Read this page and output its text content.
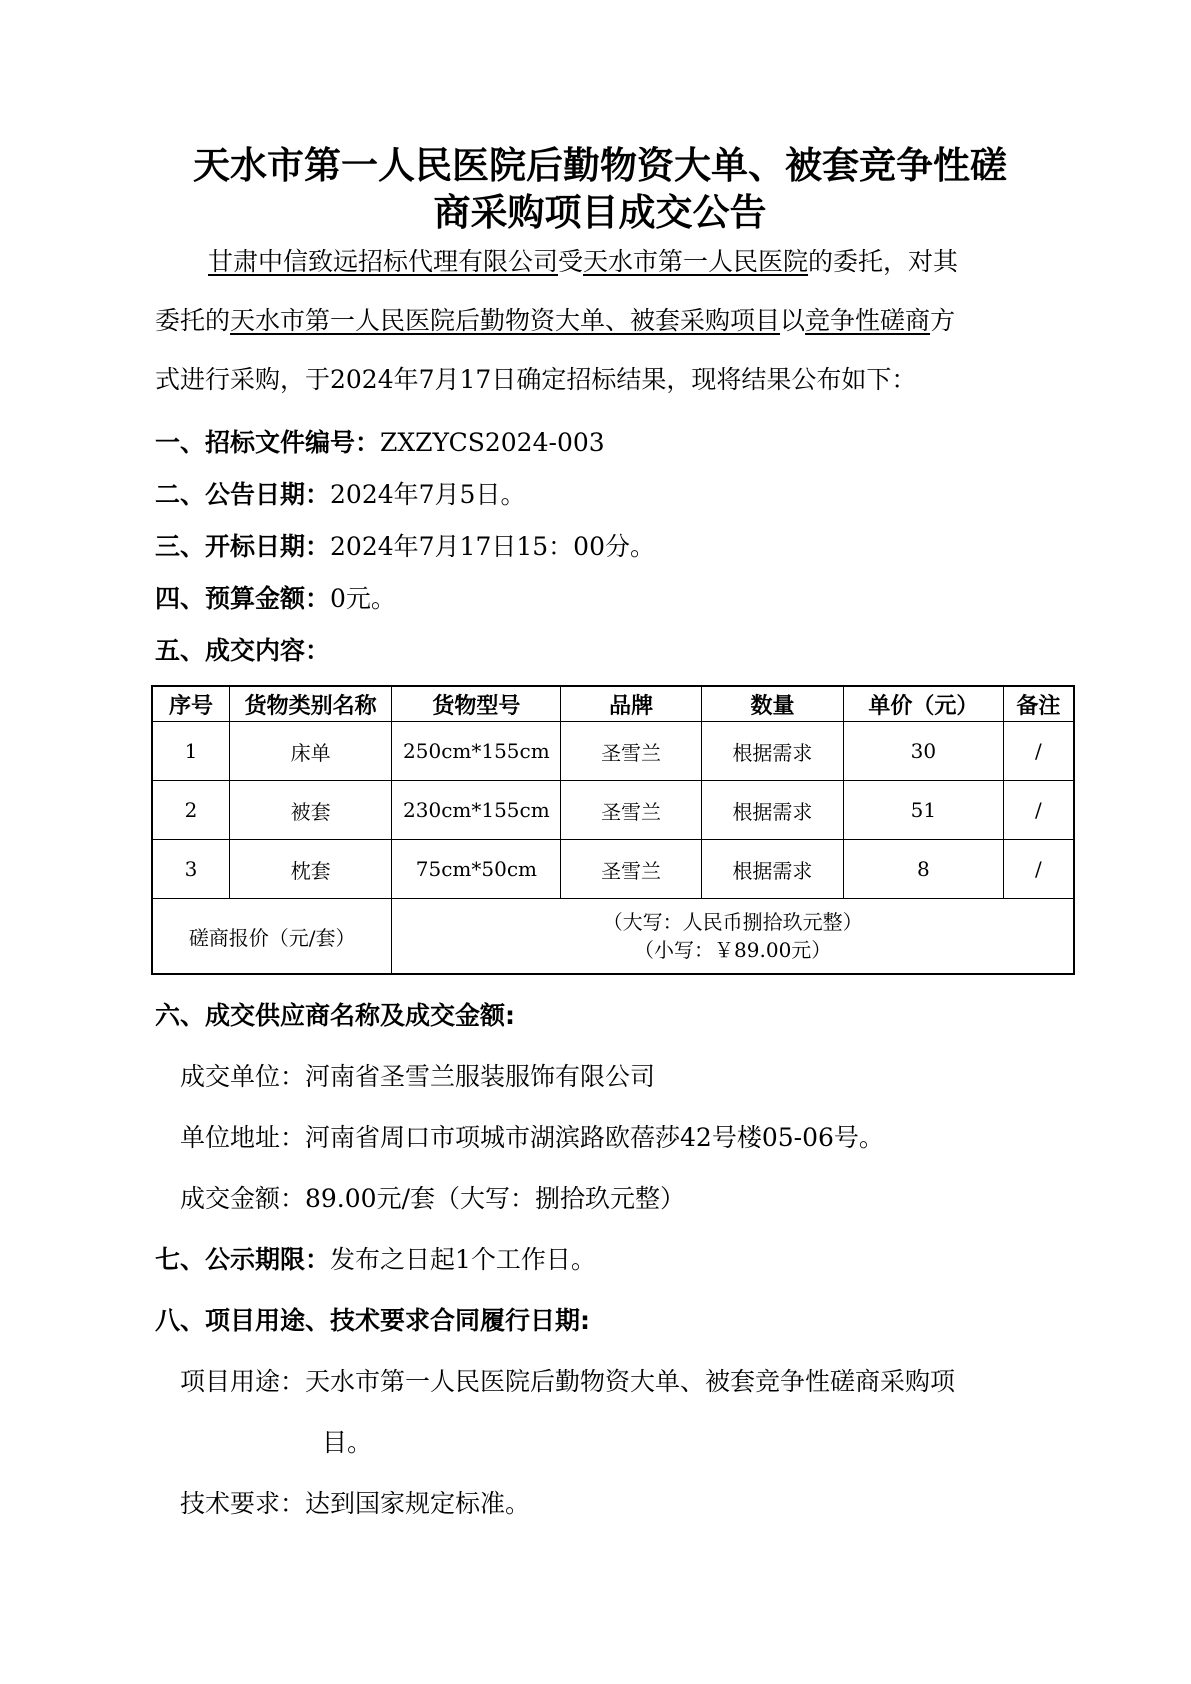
天水市第一人民医院后勤物资大单、被套竞争性磋
商采购项目成交公告
甘肃中信致远招标代理有限公司受天水市第一人民医院的委托，对其
委托的天水市第一人民医院后勤物资大单、被套采购项目以竞争性磋商方
式进行采购，于2024年7月17日确定招标结果，现将结果公布如下：
一、招标文件编号：ZXZYCS2024-003
二、公告日期：2024年7月5日。
三、开标日期：2024年7月17日15：00分。
四、预算金额：0元。
五、成交内容：
序号	货物类别名称	货物型号	品牌	数量	单价（元）	备注
1	床单	250cm*155cm	圣雪兰	根据需求	30	/
2	被套	230cm*155cm	圣雪兰	根据需求	51	/
3	枕套	75cm*50cm	圣雪兰	根据需求	8	/
磋商报价（元/套）		（大写：人民币捌拾玖元整）
（小写：￥89.00元）				
六、成交供应商名称及成交金额:
成交单位：河南省圣雪兰服装服饰有限公司
单位地址：河南省周口市项城市湖滨路欧蓓莎42号楼05-06号。
成交金额：89.00元/套（大写：捌拾玖元整）
七、公示期限：发布之日起1个工作日。
八、项目用途、技术要求合同履行日期:
项目用途：天水市第一人民医院后勤物资大单、被套竞争性磋商采购项
目。
技术要求：达到国家规定标准。
